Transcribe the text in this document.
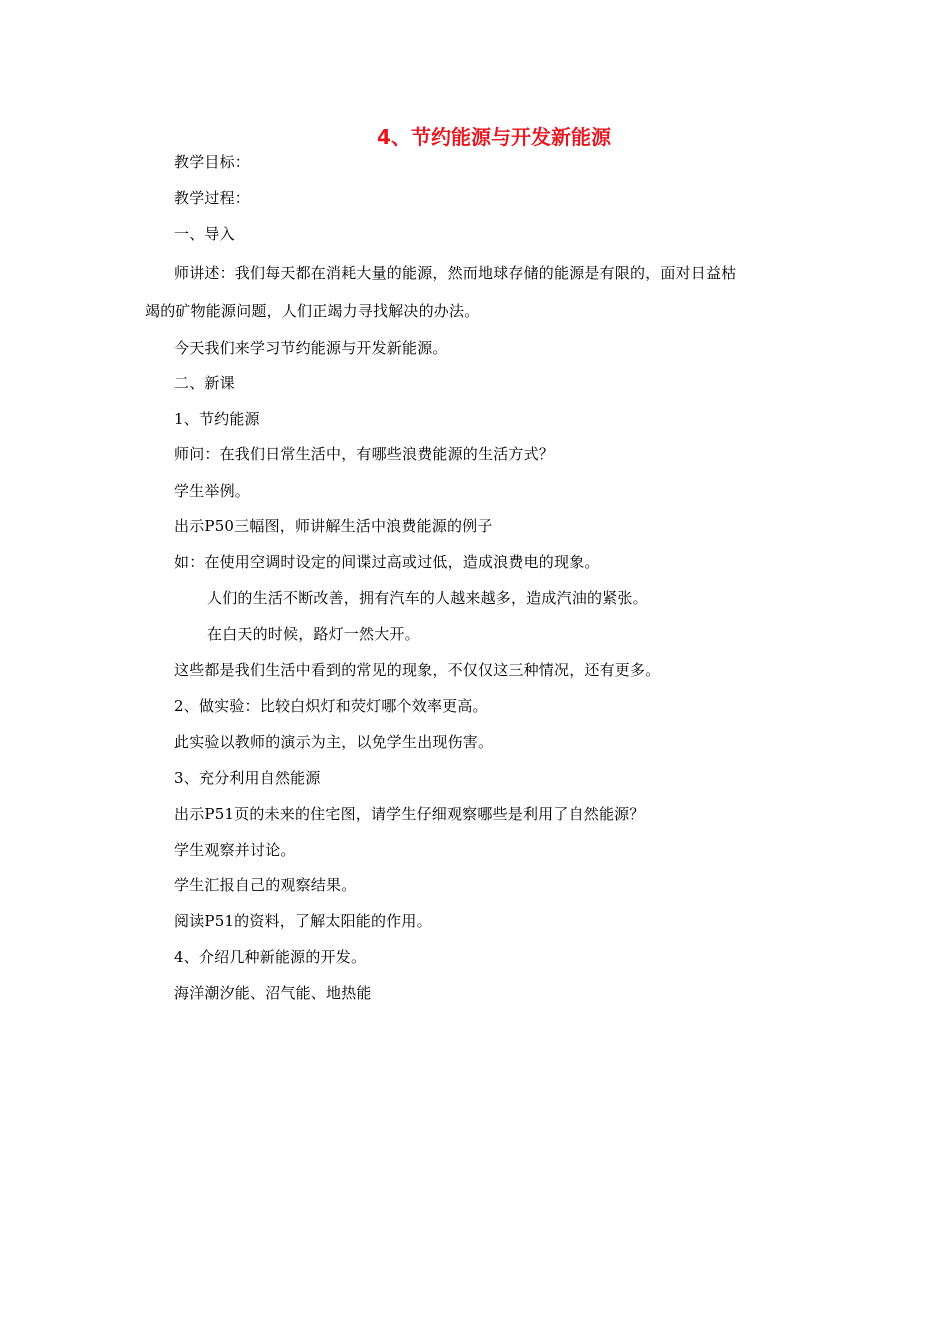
4、节约能源与开发新能源
教学目标：
教学过程：
一、导入
师讲述：我们每天都在消耗大量的能源，然而地球存储的能源是有限的，面对日益枯
竭的矿物能源问题，人们正竭力寻找解决的办法。
今天我们来学习节约能源与开发新能源。
二、新课
1、节约能源
师问：在我们日常生活中，有哪些浪费能源的生活方式？
学生举例。
出示P50三幅图，师讲解生活中浪费能源的例子
如：在使用空调时设定的间谍过高或过低，造成浪费电的现象。
人们的生活不断改善，拥有汽车的人越来越多，造成汽油的紧张。
在白天的时候，路灯一然大开。
这些都是我们生活中看到的常见的现象，不仅仅这三种情况，还有更多。
2、做实验：比较白炽灯和荧灯哪个效率更高。
此实验以教师的演示为主，以免学生出现伤害。
3、充分利用自然能源
出示P51页的未来的住宅图，请学生仔细观察哪些是利用了自然能源？
学生观察并讨论。
学生汇报自己的观察结果。
阅读P51的资料，了解太阳能的作用。
4、介绍几种新能源的开发。
海洋潮汐能、沼气能、地热能
